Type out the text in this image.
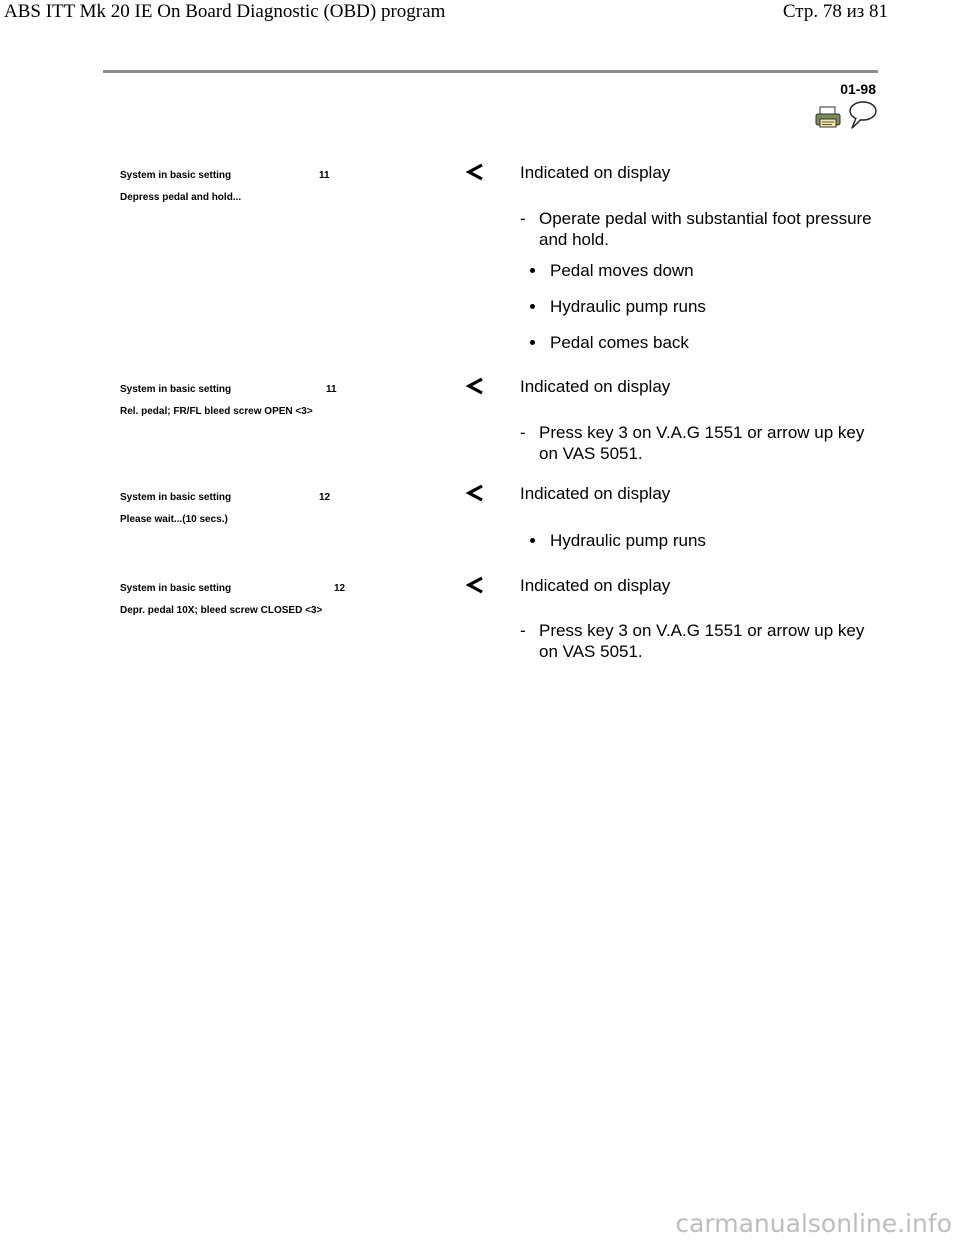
ABS ITT Mk 20 IE On Board Diagnostic (OBD) program	Стр. 78 из 81
01-98
System in basic setting	11
Depress pedal and hold...
Indicated on display
- Operate pedal with substantial foot pressure and hold.
Pedal moves down
Hydraulic pump runs
Pedal comes back
System in basic setting	11
Rel. pedal; FR/FL bleed screw OPEN <3>
Indicated on display
- Press key 3 on V.A.G 1551 or arrow up key on VAS 5051.
System in basic setting	12
Please wait...(10 secs.)
Indicated on display
Hydraulic pump runs
System in basic setting	12
Depr. pedal 10X; bleed screw CLOSED <3>
Indicated on display
- Press key 3 on V.A.G 1551 or arrow up key on VAS 5051.
carmanualsonline.info
